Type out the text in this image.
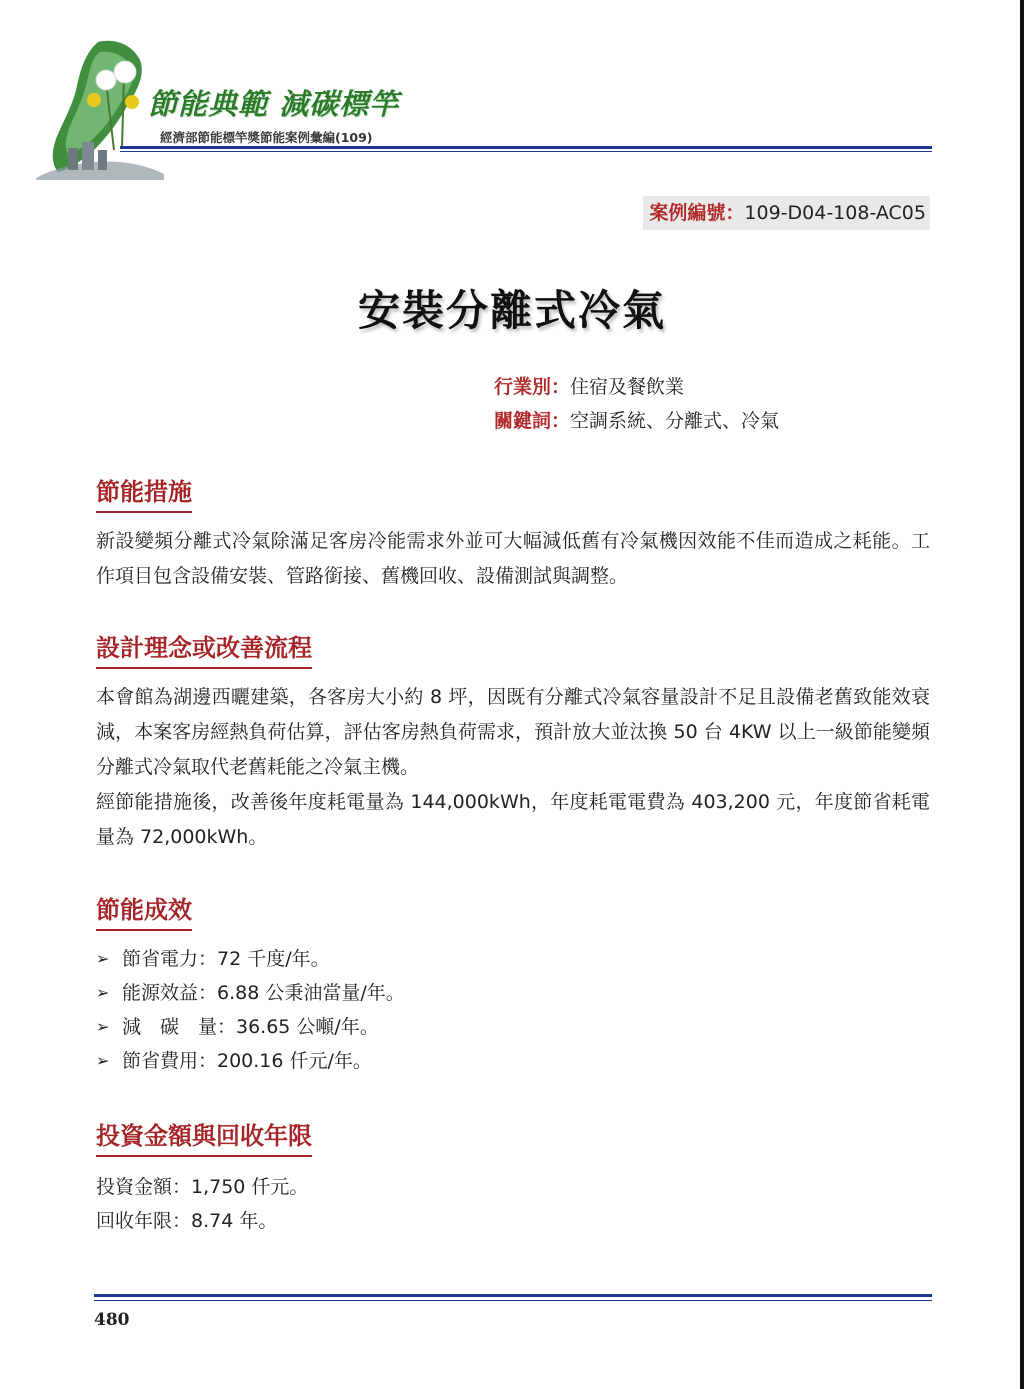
節能典範 減碳標竿
經濟部節能標竿獎節能案例彙編(109)
案例編號：109-D04-108-AC05
安裝分離式冷氣
行業別：住宿及餐飲業
關鍵詞：空調系統、分離式、冷氣
節能措施

新設變頻分離式冷氣除滿足客房冷能需求外並可大幅減低舊有冷氣機因效能不佳而造成之耗能。工作項目包含設備安裝、管路銜接、舊機回收、設備測試與調整。

設計理念或改善流程

本會館為湖邊西曬建築，各客房大小約 8 坪，因既有分離式冷氣容量設計不足且設備老舊致能效衰減，本案客房經熱負荷估算，評估客房熱負荷需求，預計放大並汰換 50 台 4KW 以上一級節能變頻分離式冷氣取代老舊耗能之冷氣主機。

經節能措施後，改善後年度耗電量為 144,000kWh，年度耗電電費為 403,200 元，年度節省耗電量為 72,000kWh。

節能成效
➢ 節省電力：72 千度/年。
➢ 能源效益：6.88 公秉油當量/年。
➢ 減　碳　量：36.65 公噸/年。
➢ 節省費用：200.16 仟元/年。
投資金額與回收年限
投資金額：1,750 仟元。
回收年限：8.74 年。
480
